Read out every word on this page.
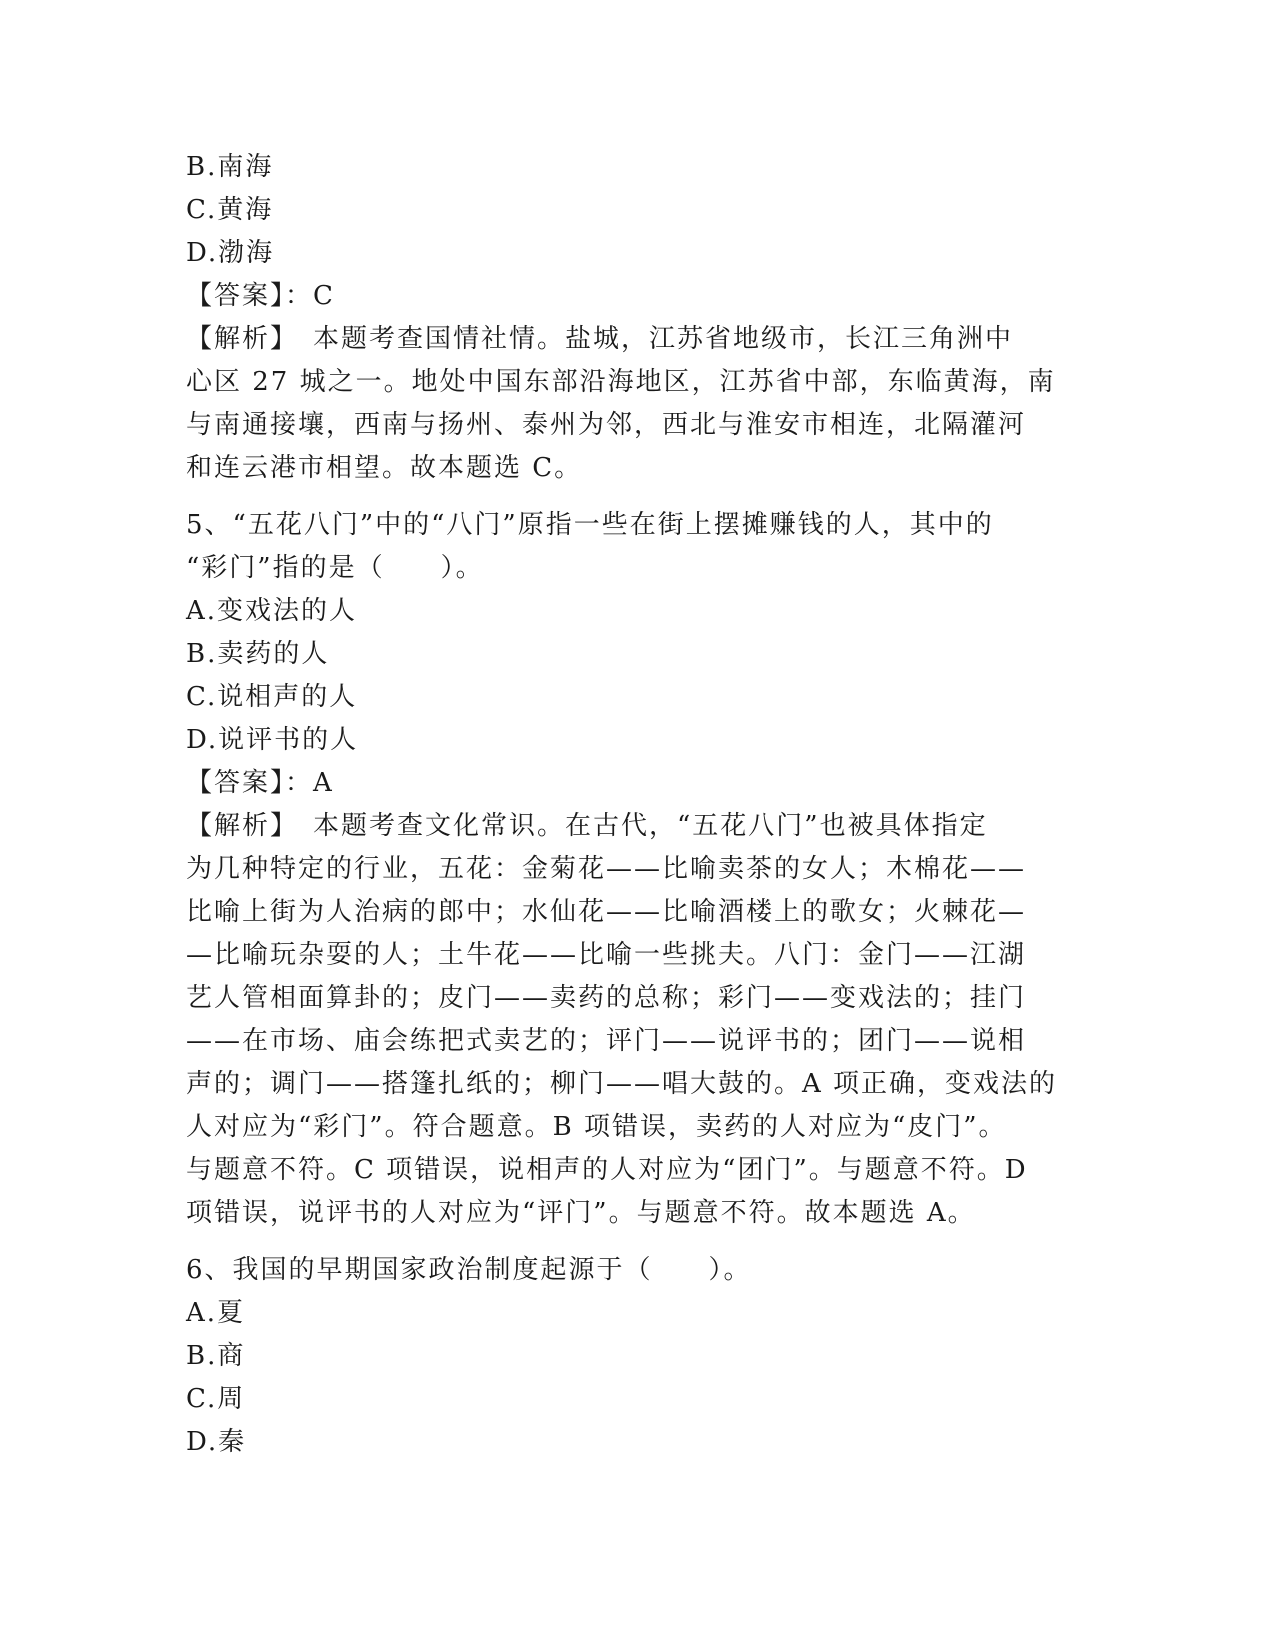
B.南海
C.黄海
D.渤海
【答案】：C
【解析】　本题考查国情社情。盐城，江苏省地级市，长江三角洲中
心区 27 城之一。地处中国东部沿海地区，江苏省中部，东临黄海，南
与南通接壤，西南与扬州、泰州为邻，西北与淮安市相连，北隔灌河
和连云港市相望。故本题选 C。
5、“五花八门”中的“八门”原指一些在街上摆摊赚钱的人，其中的
“彩门”指的是（　　）。
A.变戏法的人
B.卖药的人
C.说相声的人
D.说评书的人
【答案】：A
【解析】　本题考查文化常识。在古代，“五花八门”也被具体指定
为几种特定的行业，五花：金菊花——比喻卖茶的女人；木棉花——
比喻上街为人治病的郎中；水仙花——比喻酒楼上的歌女；火棘花—
—比喻玩杂耍的人；土牛花——比喻一些挑夫。八门：金门——江湖
艺人管相面算卦的；皮门——卖药的总称；彩门——变戏法的；挂门
——在市场、庙会练把式卖艺的；评门——说评书的；团门——说相
声的；调门——搭篷扎纸的；柳门——唱大鼓的。A 项正确，变戏法的
人对应为“彩门”。符合题意。B 项错误，卖药的人对应为“皮门”。
与题意不符。C 项错误，说相声的人对应为“团门”。与题意不符。D
项错误，说评书的人对应为“评门”。与题意不符。故本题选 A。
6、我国的早期国家政治制度起源于（　　）。
A.夏
B.商
C.周
D.秦
